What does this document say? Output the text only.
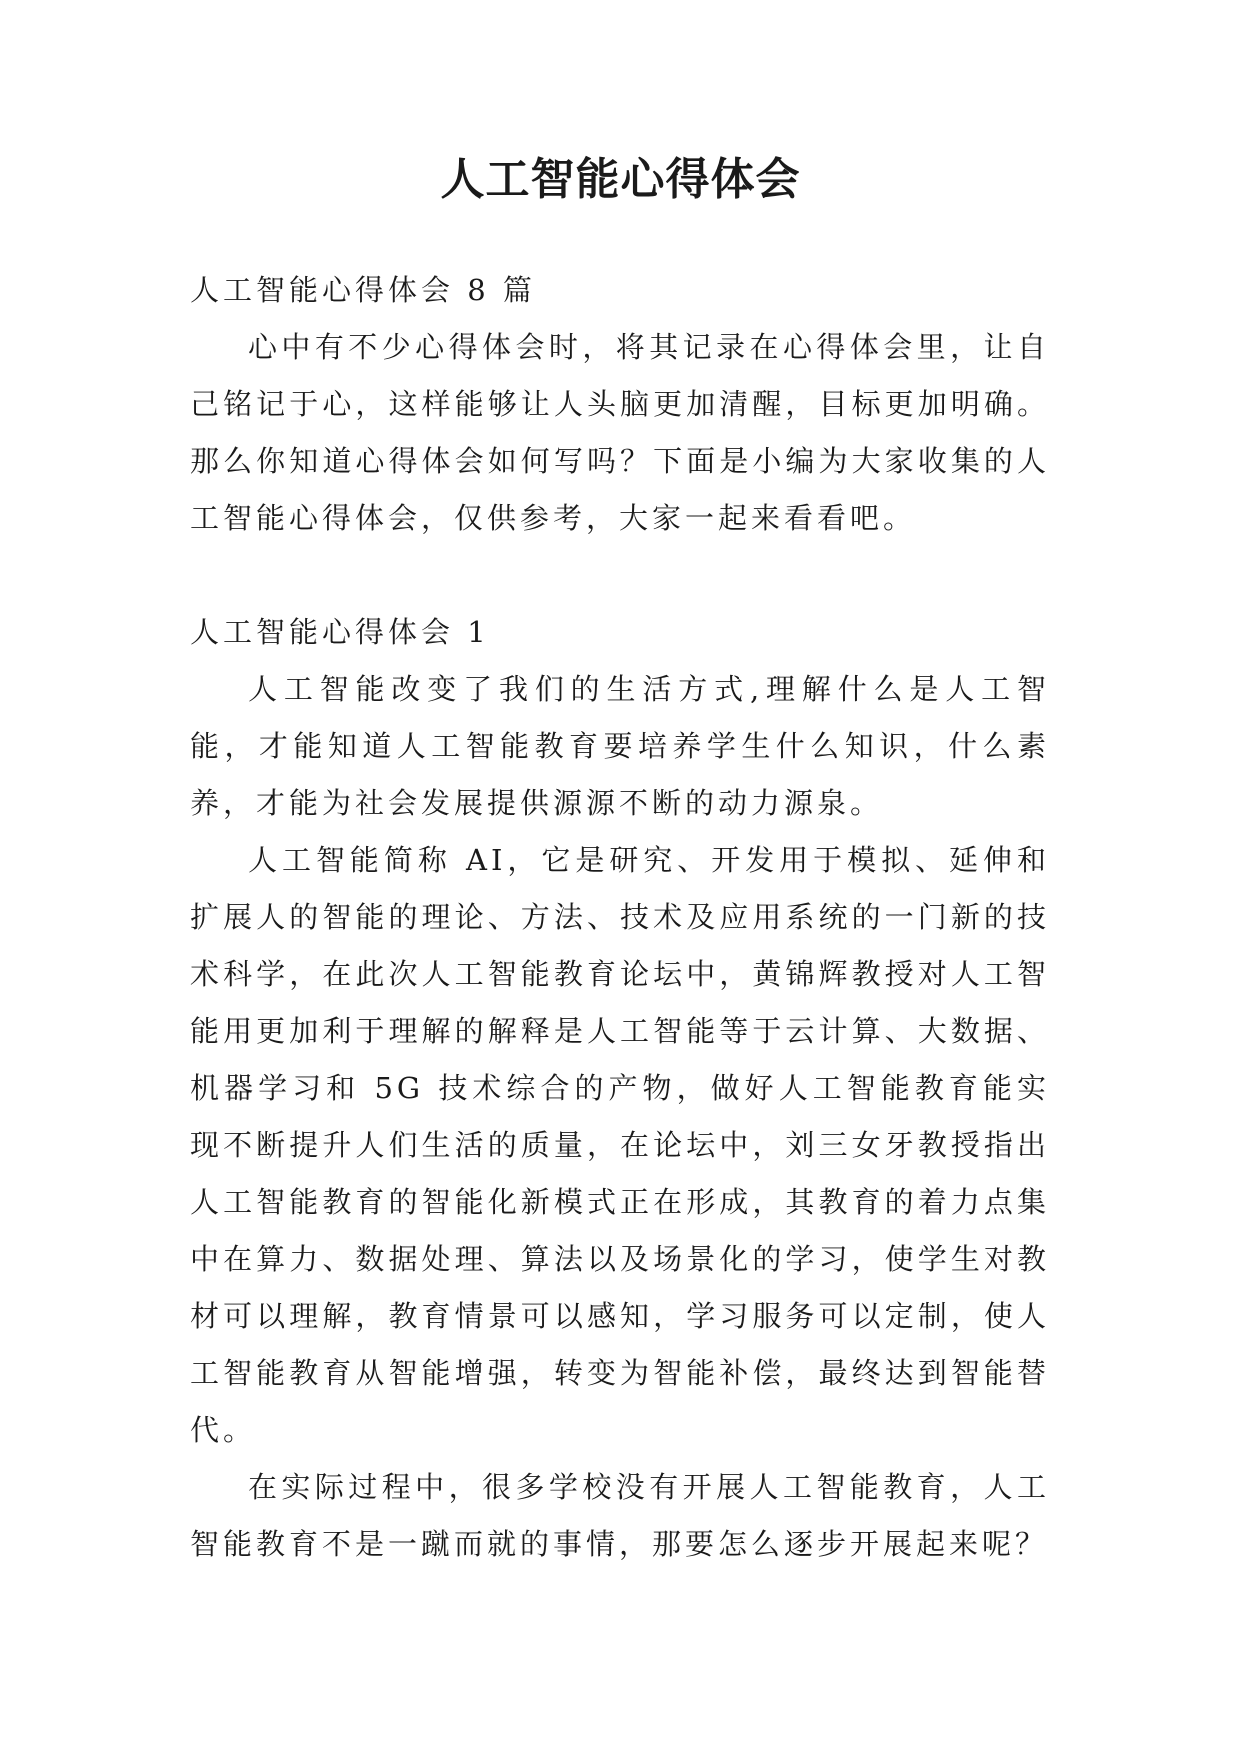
人工智能心得体会

人工智能心得体会 8 篇

心中有不少心得体会时，将其记录在心得体会里，让自己铭记于心，这样能够让人头脑更加清醒，目标更加明确。那么你知道心得体会如何写吗？下面是小编为大家收集的人工智能心得体会，仅供参考，大家一起来看看吧。

人工智能心得体会 1

人工智能改变了我们的生活方式,理解什么是人工智能，才能知道人工智能教育要培养学生什么知识，什么素养，才能为社会发展提供源源不断的动力源泉。

人工智能简称 AI，它是研究、开发用于模拟、延伸和扩展人的智能的理论、方法、技术及应用系统的一门新的技术科学，在此次人工智能教育论坛中，黄锦辉教授对人工智能用更加利于理解的解释是人工智能等于云计算、大数据、机器学习和 5G 技术综合的产物，做好人工智能教育能实现不断提升人们生活的质量，在论坛中，刘三女牙教授指出人工智能教育的智能化新模式正在形成，其教育的着力点集中在算力、数据处理、算法以及场景化的学习，使学生对教材可以理解，教育情景可以感知，学习服务可以定制，使人工智能教育从智能增强，转变为智能补偿，最终达到智能替代。

在实际过程中，很多学校没有开展人工智能教育，人工智能教育不是一蹴而就的事情，那要怎么逐步开展起来呢？
